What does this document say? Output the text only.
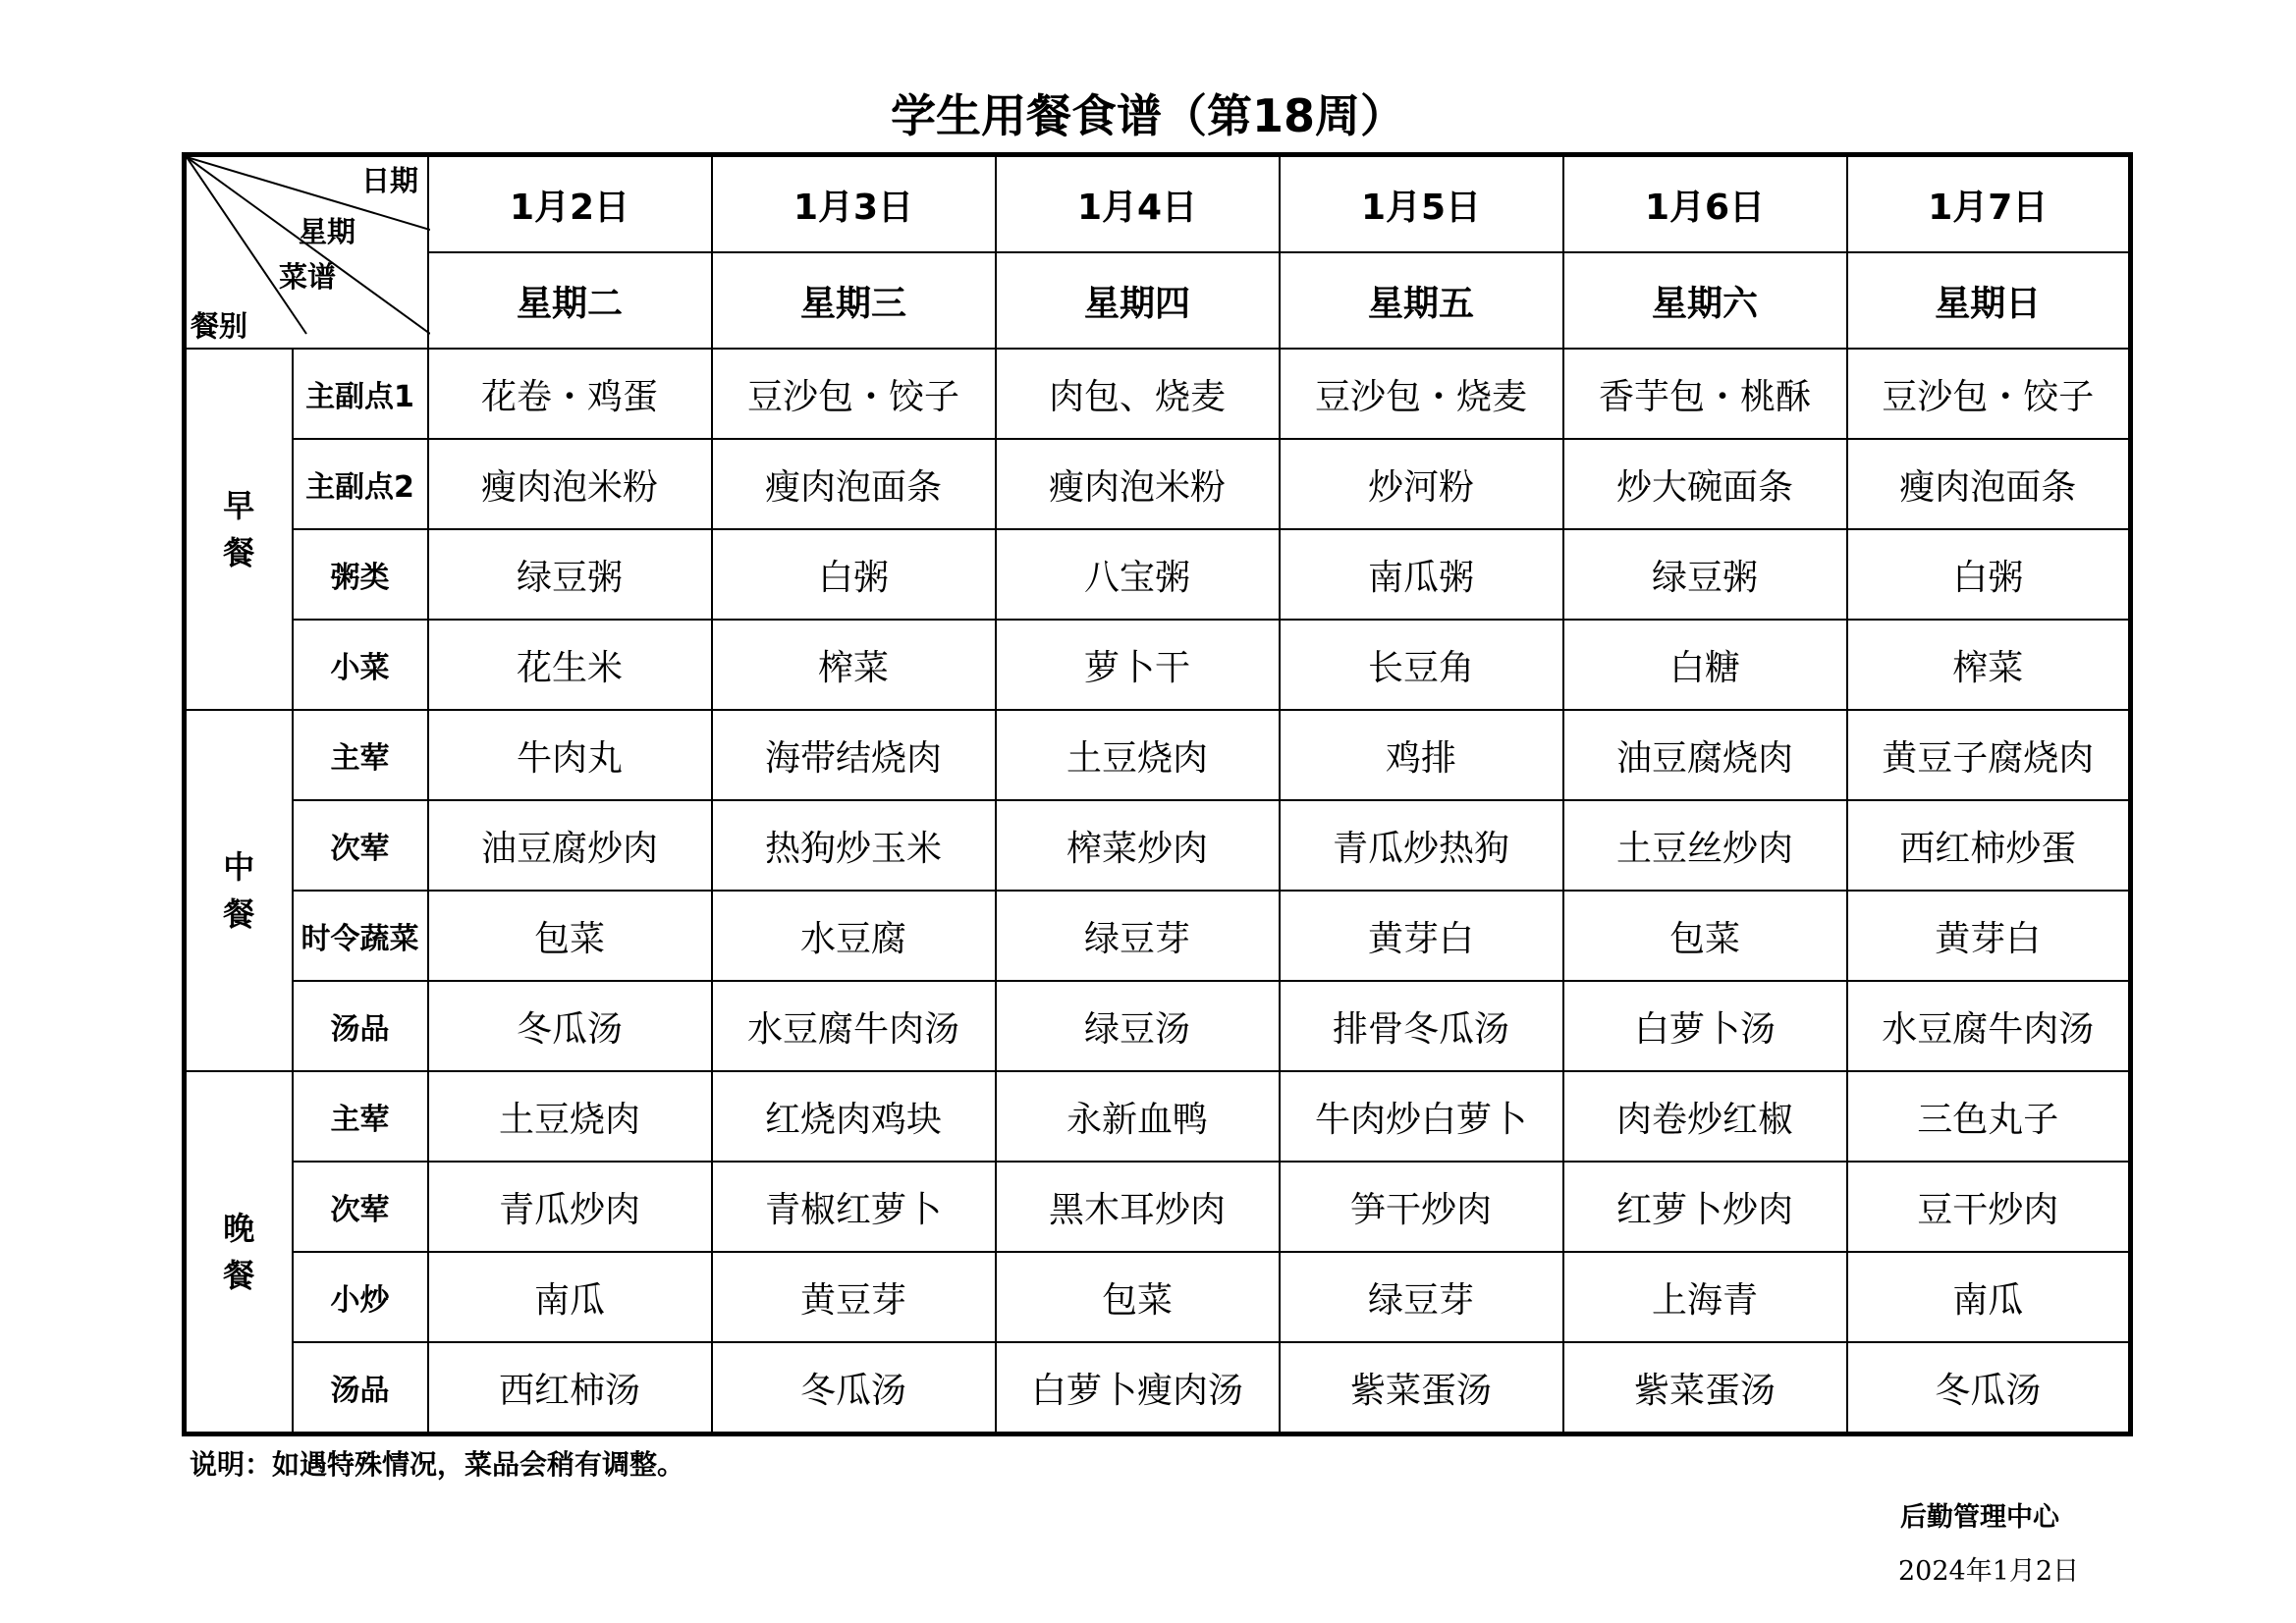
学生用餐食谱（第18周）
日期
星期
菜谱
餐别		1月2日	1月3日	1月4日	1月5日	1月6日	1月7日
		星期二	星期三	星期四	星期五	星期六	星期日
早
餐	主副点1	花卷・鸡蛋	豆沙包・饺子	肉包、烧麦	豆沙包・烧麦	香芋包・桃酥	豆沙包・饺子
	主副点2	瘦肉泡米粉	瘦肉泡面条	瘦肉泡米粉	炒河粉	炒大碗面条	瘦肉泡面条
	粥类	绿豆粥	白粥	八宝粥	南瓜粥	绿豆粥	白粥
	小菜	花生米	榨菜	萝卜干	长豆角	白糖	榨菜
中
餐	主荤	牛肉丸	海带结烧肉	土豆烧肉	鸡排	油豆腐烧肉	黄豆子腐烧肉
	次荤	油豆腐炒肉	热狗炒玉米	榨菜炒肉	青瓜炒热狗	土豆丝炒肉	西红柿炒蛋
	时令蔬菜	包菜	水豆腐	绿豆芽	黄芽白	包菜	黄芽白
	汤品	冬瓜汤	水豆腐牛肉汤	绿豆汤	排骨冬瓜汤	白萝卜汤	水豆腐牛肉汤
晚
餐	主荤	土豆烧肉	红烧肉鸡块	永新血鸭	牛肉炒白萝卜	肉卷炒红椒	三色丸子
	次荤	青瓜炒肉	青椒红萝卜	黑木耳炒肉	笋干炒肉	红萝卜炒肉	豆干炒肉
	小炒	南瓜	黄豆芽	包菜	绿豆芽	上海青	南瓜
	汤品	西红柿汤	冬瓜汤	白萝卜瘦肉汤	紫菜蛋汤	紫菜蛋汤	冬瓜汤
说明：如遇特殊情况，菜品会稍有调整。
后勤管理中心
2024年1月2日
